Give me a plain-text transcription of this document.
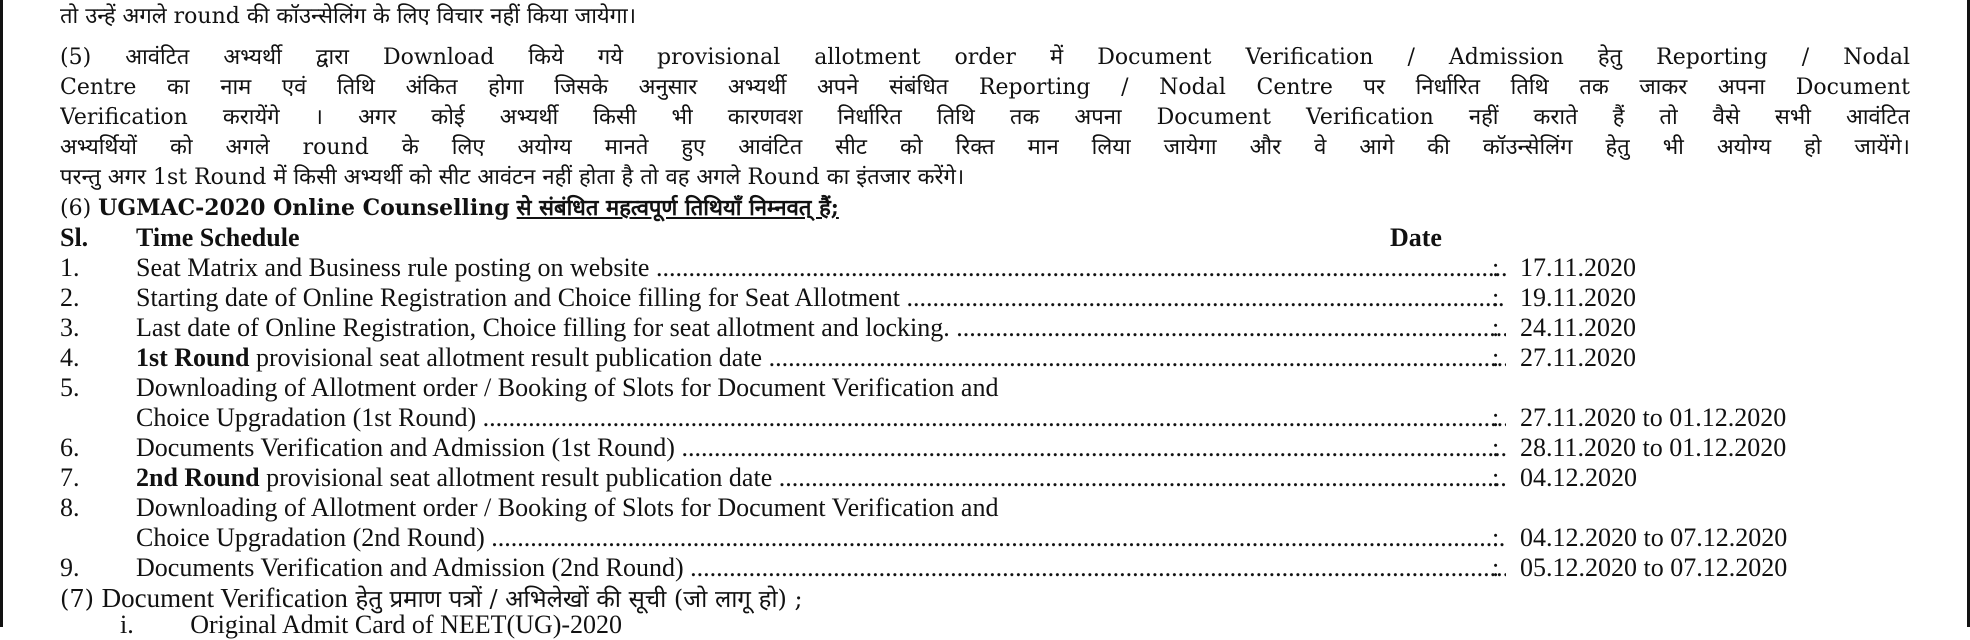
तो उन्हें अगले round की कॉउन्सेलिंग के लिए विचार नहीं किया जायेगा।
(5) आवंटित अभ्यर्थी द्वारा Download किये गये provisional allotment order में Document Verification / Admission हेतु Reporting / Nodal
Centre का नाम एवं तिथि अंकित होगा जिसके अनुसार अभ्यर्थी अपने संबंधित Reporting / Nodal Centre पर निर्धारित तिथि तक जाकर अपना Document
Verification करायेंगे । अगर कोई अभ्यर्थी किसी भी कारणवश निर्धारित तिथि तक अपना Document Verification नहीं कराते हैं तो वैसे सभी आवंटित
अभ्यर्थियों को अगले round के लिए अयोग्य मानते हुए आवंटित सीट को रिक्त मान लिया जायेगा और वे आगे की कॉउन्सेलिंग हेतु भी अयोग्य हो जायेंगे।
परन्तु अगर 1st Round में किसी अभ्यर्थी को सीट आवंटन नहीं होता है तो वह अगले Round का इंतजार करेंगे।
(6) UGMAC-2020 Online Counselling से संबंधित महत्वपूर्ण तिथियाँ निम्नवत् हैं;
Sl.	Time Schedule	Date
1.	Seat Matrix and Business rule posting on website .....	: 17.11.2020
2.	Starting date of Online Registration and Choice filling for Seat Allotment .....	: 19.11.2020
3.	Last date of Online Registration, Choice filling for seat allotment and locking. .....	: 24.11.2020
4.	1st Round provisional seat allotment result publication date .....	: 27.11.2020
5.	Downloading of Allotment order / Booking of Slots for Document Verification and
Choice Upgradation (1st Round) .....	: 27.11.2020 to 01.12.2020
6.	Documents Verification and Admission (1st Round) .....	: 28.11.2020 to 01.12.2020
7.	2nd Round provisional seat allotment result publication date .....	: 04.12.2020
8.	Downloading of Allotment order / Booking of Slots for Document Verification and
Choice Upgradation (2nd Round) .....	: 04.12.2020 to 07.12.2020
9.	Documents Verification and Admission (2nd Round) .....	: 05.12.2020 to 07.12.2020
(7) Document Verification हेतु प्रमाण पत्रों / अभिलेखों की सूची (जो लागू हो) ;
i. Original Admit Card of NEET(UG)-2020
